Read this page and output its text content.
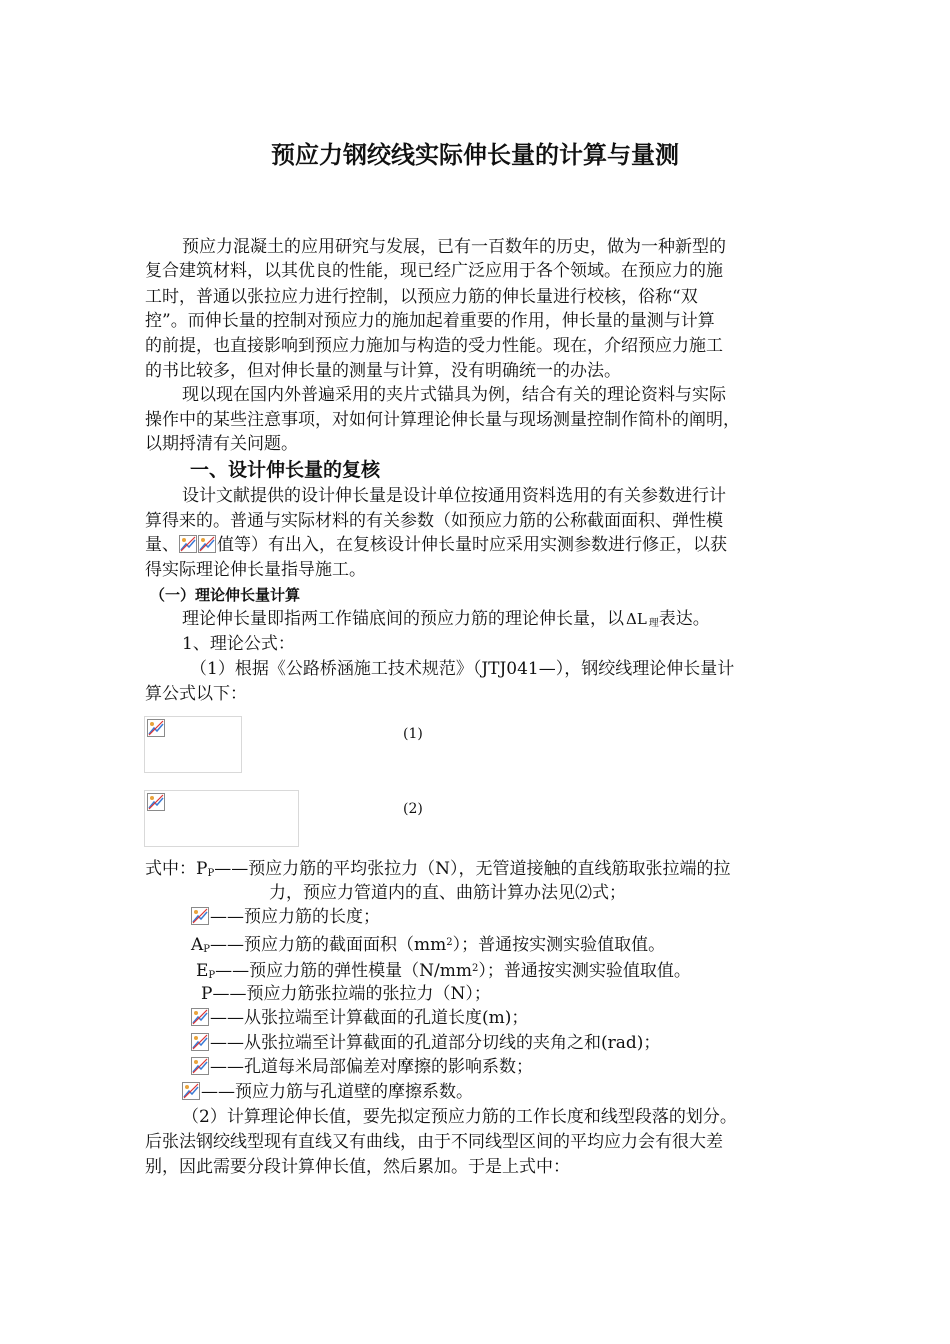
预应力钢绞线实际伸长量的计算与量测
预应力混凝土的应用研究与发展，已有一百数年的历史，做为一种新型的
复合建筑材料，以其优良的性能，现已经广泛应用于各个领域。在预应力的施
工时，普通以张拉应力进行控制，以预应力筋的伸长量进行校核，俗称“双
控”。而伸长量的控制对预应力的施加起着重要的作用，伸长量的量测与计算
的前提，也直接影响到预应力施加与构造的受力性能。现在，介绍预应力施工
的书比较多，但对伸长量的测量与计算，没有明确统一的办法。
现以现在国内外普遍采用的夹片式锚具为例，结合有关的理论资料与实际
操作中的某些注意事项，对如何计算理论伸长量与现场测量控制作简朴的阐明，
以期捋清有关问题。
一、设计伸长量的复核
设计文献提供的设计伸长量是设计单位按通用资料选用的有关参数进行计
算得来的。普通与实际材料的有关参数（如预应力筋的公称截面面积、弹性模
量、 值等）有出入，在复核设计伸长量时应采用实测参数进行修正，以获
得实际理论伸长量指导施工。
（一）理论伸长量计算
理论伸长量即指两工作锚底间的预应力筋的理论伸长量，以 ΔL $_理$表达。
1、理论公式：
（1）根据《公路桥涵施工技术规范》（JTJ041—），钢绞线理论伸长量计
算公式以下：
(1)
(2)
式中：$P_P——$预应力筋的平均张拉力（N），无管道接触的直线筋取张拉端的拉
力，预应力管道内的直、曲筋计算办法见⑵式；
——预应力筋的长度；
$A_P——$预应力筋的截面面积$(mm^2)$；普通按实测实验值取值。
$E_P——$预应力筋的弹性模量$(N/mm^2)$；普通按实测实验值取值。
P——预应力筋张拉端的张拉力（N）；
——从张拉端至计算截面的孔道长度(m)；
——从张拉端至计算截面的孔道部分切线的夹角之和(rad)；
——孔道每米局部偏差对摩擦的影响系数；
——预应力筋与孔道壁的摩擦系数。
（2）计算理论伸长值，要先拟定预应力筋的工作长度和线型段落的划分。
后张法钢绞线型现有直线又有曲线，由于不同线型区间的平均应力会有很大差
别，因此需要分段计算伸长值，然后累加。于是上式中：
